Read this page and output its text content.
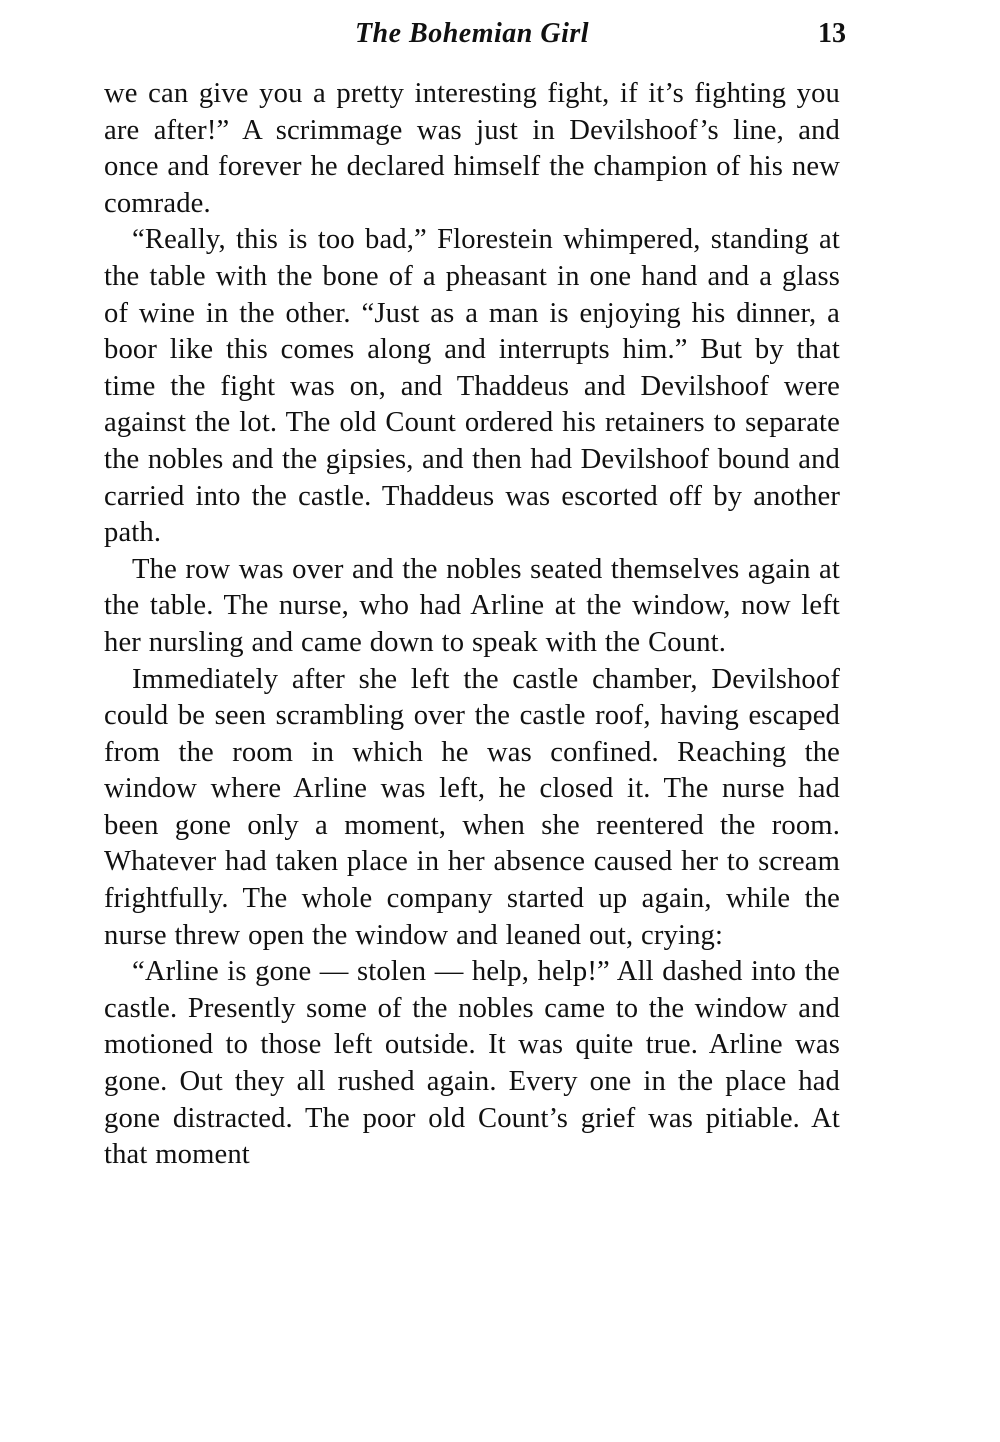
The Bohemian Girl	13

we can give you a pretty interesting fight, if it’s fighting you are after!” A scrimmage was just in Devilshoof’s line, and once and forever he declared himself the champion of his new comrade.

“Really, this is too bad,” Florestein whimpered, standing at the table with the bone of a pheasant in one hand and a glass of wine in the other. “Just as a man is enjoying his dinner, a boor like this comes along and interrupts him.” But by that time the fight was on, and Thaddeus and Devilshoof were against the lot. The old Count ordered his retainers to separate the nobles and the gipsies, and then had Devilshoof bound and carried into the castle. Thaddeus was escorted off by another path.

The row was over and the nobles seated themselves again at the table. The nurse, who had Arline at the window, now left her nursling and came down to speak with the Count.

Immediately after she left the castle chamber, Devilshoof could be seen scrambling over the castle roof, having escaped from the room in which he was confined. Reaching the window where Arline was left, he closed it. The nurse had been gone only a moment, when she reentered the room. Whatever had taken place in her absence caused her to scream frightfully. The whole company started up again, while the nurse threw open the window and leaned out, crying:

“Arline is gone — stolen — help, help!” All dashed into the castle. Presently some of the nobles came to the window and motioned to those left outside. It was quite true. Arline was gone. Out they all rushed again. Every one in the place had gone distracted. The poor old Count’s grief was pitiable. At that moment
